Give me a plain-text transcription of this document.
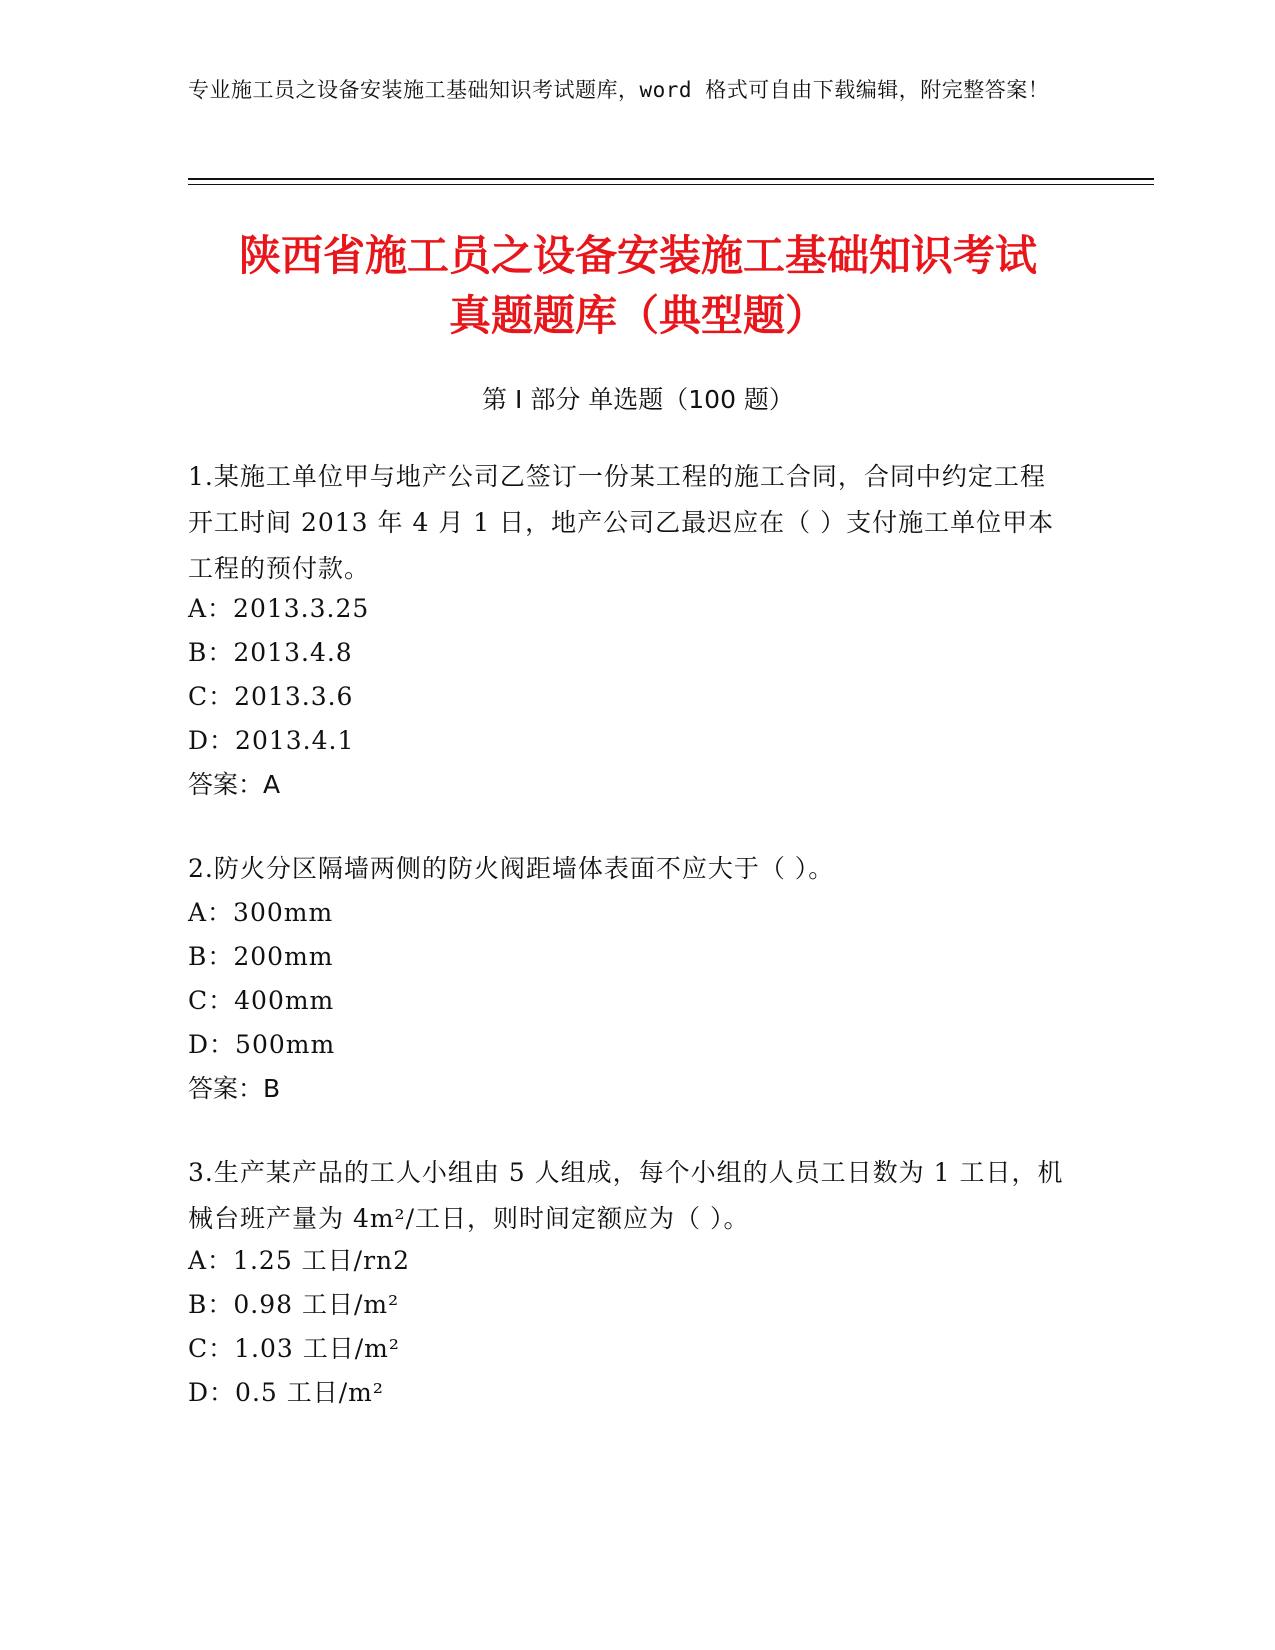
专业施工员之设备安装施工基础知识考试题库，word 格式可自由下载编辑，附完整答案！
陕西省施工员之设备安装施工基础知识考试
真题题库（典型题）
第 I 部分 单选题（100 题）
1.某施工单位甲与地产公司乙签订一份某工程的施工合同，合同中约定工程开工时间 2013 年 4 月 1 日，地产公司乙最迟应在（ ）支付施工单位甲本工程的预付款。
A：2013.3.25
B：2013.4.8
C：2013.3.6
D：2013.4.1
答案：A
2.防火分区隔墙两侧的防火阀距墙体表面不应大于（ ）。
A：300mm
B：200mm
C：400mm
D：500mm
答案：B
3.生产某产品的工人小组由 5 人组成，每个小组的人员工日数为 1 工日，机械台班产量为 4m²/工日，则时间定额应为（ ）。
A：1.25 工日/rn2
B：0.98 工日/m²
C：1.03 工日/m²
D：0.5 工日/m²
